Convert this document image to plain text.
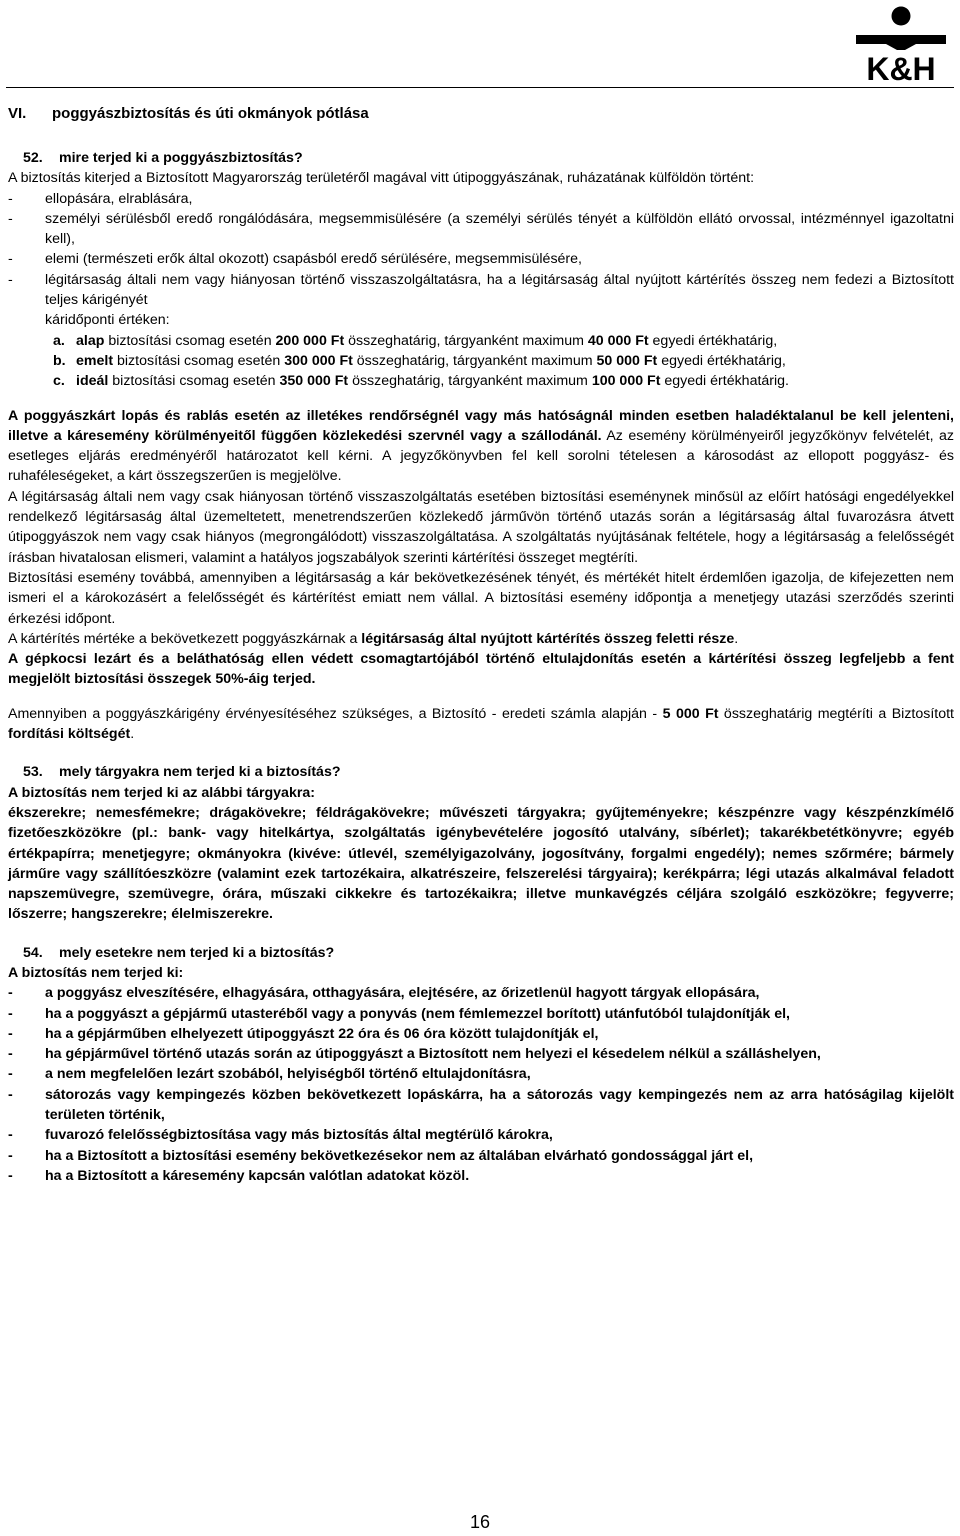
K&H
VI. poggyászbiztosítás és úti okmányok pótlása
52. mire terjed ki a poggyászbiztosítás?

A biztosítás kiterjed a Biztosított Magyarország területéről magával vitt útipoggyászának, ruházatának külföldön történt:

-	ellopására, elrablására,
-	személyi sérülésből eredő rongálódására, megsemmisülésére (a személyi sérülés tényét a külföldön ellátó orvossal, intézménnyel igazoltatni kell),
-	elemi (természeti erők által okozott) csapásból eredő sérülésére, megsemmisülésére,
-	légitársaság általi nem vagy hiányosan történő visszaszolgáltatásra, ha a légitársaság által nyújtott kártérítés összeg nem fedezi a Biztosított teljes kárigényét
káridőponti értéken:
a. alap biztosítási csomag esetén 200 000 Ft összeghatárig, tárgyanként maximum 40 000 Ft egyedi értékhatárig,
b. emelt biztosítási csomag esetén 300 000 Ft összeghatárig, tárgyanként maximum 50 000 Ft egyedi értékhatárig,
c. ideál biztosítási csomag esetén 350 000 Ft összeghatárig, tárgyanként maximum 100 000 Ft egyedi értékhatárig.

A poggyászkárt lopás és rablás esetén az illetékes rendőrségnél vagy más hatóságnál minden esetben haladéktalanul be kell jelenteni, illetve a káresemény körülményeitől függően közlekedési szervnél vagy a szállodánál. Az esemény körülményeiről jegyzőkönyv felvételét, az esetleges eljárás eredményéről határozatot kell kérni. A jegyzőkönyvben fel kell sorolni tételesen a károsodást az ellopott poggyász- és ruhaféleségeket, a kárt összegszerűen is megjelölve.

A légitársaság általi nem vagy csak hiányosan történő visszaszolgáltatás esetében biztosítási eseménynek minősül az előírt hatósági engedélyekkel rendelkező légitársaság által üzemeltetett, menetrendszerűen közlekedő járművön történő utazás során a légitársaság által fuvarozásra átvett útipoggyászok nem vagy csak hiányos (megrongálódott) visszaszolgáltatása. A szolgáltatás nyújtásának feltétele, hogy a légitársaság a felelősségét írásban hivatalosan elismeri, valamint a hatályos jogszabályok szerinti kártérítési összeget megtéríti.

Biztosítási esemény továbbá, amennyiben a légitársaság a kár bekövetkezésének tényét, és mértékét hitelt érdemlően igazolja, de kifejezetten nem ismeri el a károkozásért a felelősségét és kártérítést emiatt nem vállal. A biztosítási esemény időpontja a menetjegy utazási szerződés szerinti érkezési időpont.

A kártérítés mértéke a bekövetkezett poggyászkárnak a légitársaság által nyújtott kártérítés összeg feletti része.

A gépkocsi lezárt és a beláthatóság ellen védett csomagtartójából történő eltulajdonítás esetén a kártérítési összeg legfeljebb a fent megjelölt biztosítási összegek 50%-áig terjed.

Amennyiben a poggyászkárigény érvényesítéséhez szükséges, a Biztosító - eredeti számla alapján - 5 000 Ft összeghatárig megtéríti a Biztosított fordítási költségét.

53. mely tárgyakra nem terjed ki a biztosítás?

A biztosítás nem terjed ki az alábbi tárgyakra:

ékszerekre; nemesfémekre; drágakövekre; féldrágakövekre; művészeti tárgyakra; gyűjteményekre; készpénzre vagy készpénzkímélő fizetőeszközökre (pl.: bank- vagy hitelkártya, szolgáltatás igénybevételére jogosító utalvány, síbérlet); takarékbetétkönyvre; egyéb értékpapírra; menetjegyre; okmányokra (kivéve: útlevél, személyigazolvány, jogosítvány, forgalmi engedély); nemes szőrmére; bármely járműre vagy szállítóeszközre (valamint ezek tartozékaira, alkatrészeire, felszerelési tárgyaira); kerékpárra; légi utazás alkalmával feladott napszemüvegre, szemüvegre, órára, műszaki cikkekre és tartozékaikra; illetve munkavégzés céljára szolgáló eszközökre; fegyverre; lőszerre; hangszerekre; élelmiszerekre.

54. mely esetekre nem terjed ki a biztosítás?

A biztosítás nem terjed ki:

-	a poggyász elveszítésére, elhagyására, otthagyására, elejtésére, az őrizetlenül hagyott tárgyak ellopására,
-	ha a poggyászt a gépjármű utasteréből vagy a ponyvás (nem fémlemezzel borított) utánfutóból tulajdonítják el,
-	ha a gépjárműben elhelyezett útipoggyászt 22 óra és 06 óra között tulajdonítják el,
-	ha gépjárművel történő utazás során az útipoggyászt a Biztosított nem helyezi el késedelem nélkül a szálláshelyen,
-	a nem megfelelően lezárt szobából, helyiségből történő eltulajdonításra,
-	sátorozás vagy kempingezés közben bekövetkezett lopáskárra, ha a sátorozás vagy kempingezés nem az arra hatóságilag kijelölt területen történik,
-	fuvarozó felelősségbiztosítása vagy más biztosítás által megtérülő károkra,
-	ha a Biztosított a biztosítási esemény bekövetkezésekor nem az általában elvárható gondossággal járt el,
-	ha a Biztosított a káresemény kapcsán valótlan adatokat közöl.
16
